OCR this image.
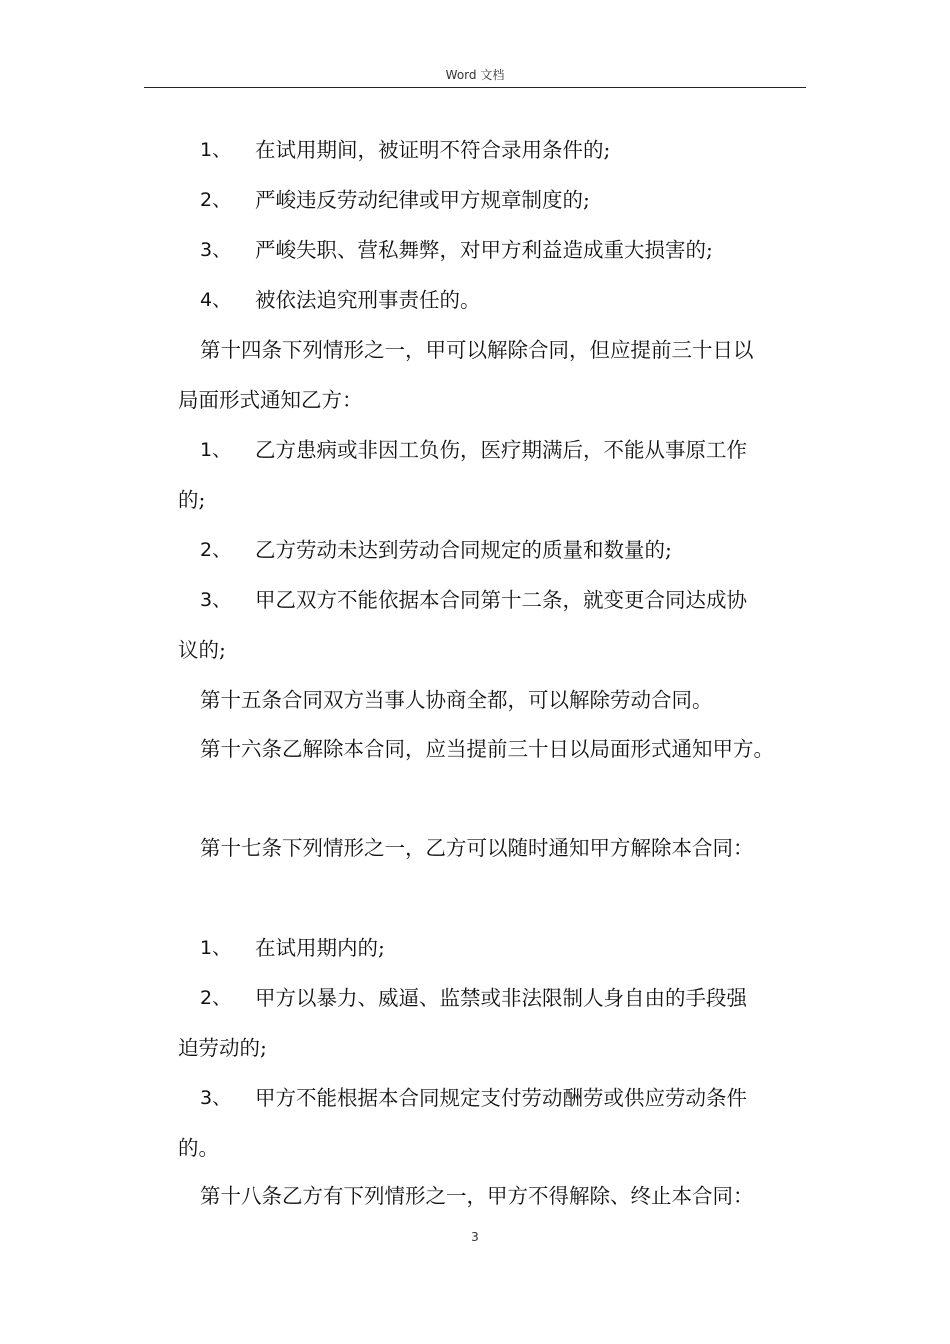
Word 文档
1、 在试用期间，被证明不符合录用条件的;
2、 严峻违反劳动纪律或甲方规章制度的;
3、 严峻失职、营私舞弊，对甲方利益造成重大损害的;
4、 被依法追究刑事责任的。
第十四条下列情形之一，甲可以解除合同，但应提前三十日以
局面形式通知乙方：
1、 乙方患病或非因工负伤，医疗期满后，不能从事原工作
的;
2、 乙方劳动未达到劳动合同规定的质量和数量的;
3、 甲乙双方不能依据本合同第十二条，就变更合同达成协
议的;
第十五条合同双方当事人协商全都，可以解除劳动合同。
第十六条乙解除本合同，应当提前三十日以局面形式通知甲方。
第十七条下列情形之一，乙方可以随时通知甲方解除本合同：
1、 在试用期内的;
2、 甲方以暴力、威逼、监禁或非法限制人身自由的手段强
迫劳动的;
3、 甲方不能根据本合同规定支付劳动酬劳或供应劳动条件
的。
第十八条乙方有下列情形之一，甲方不得解除、终止本合同：
3
